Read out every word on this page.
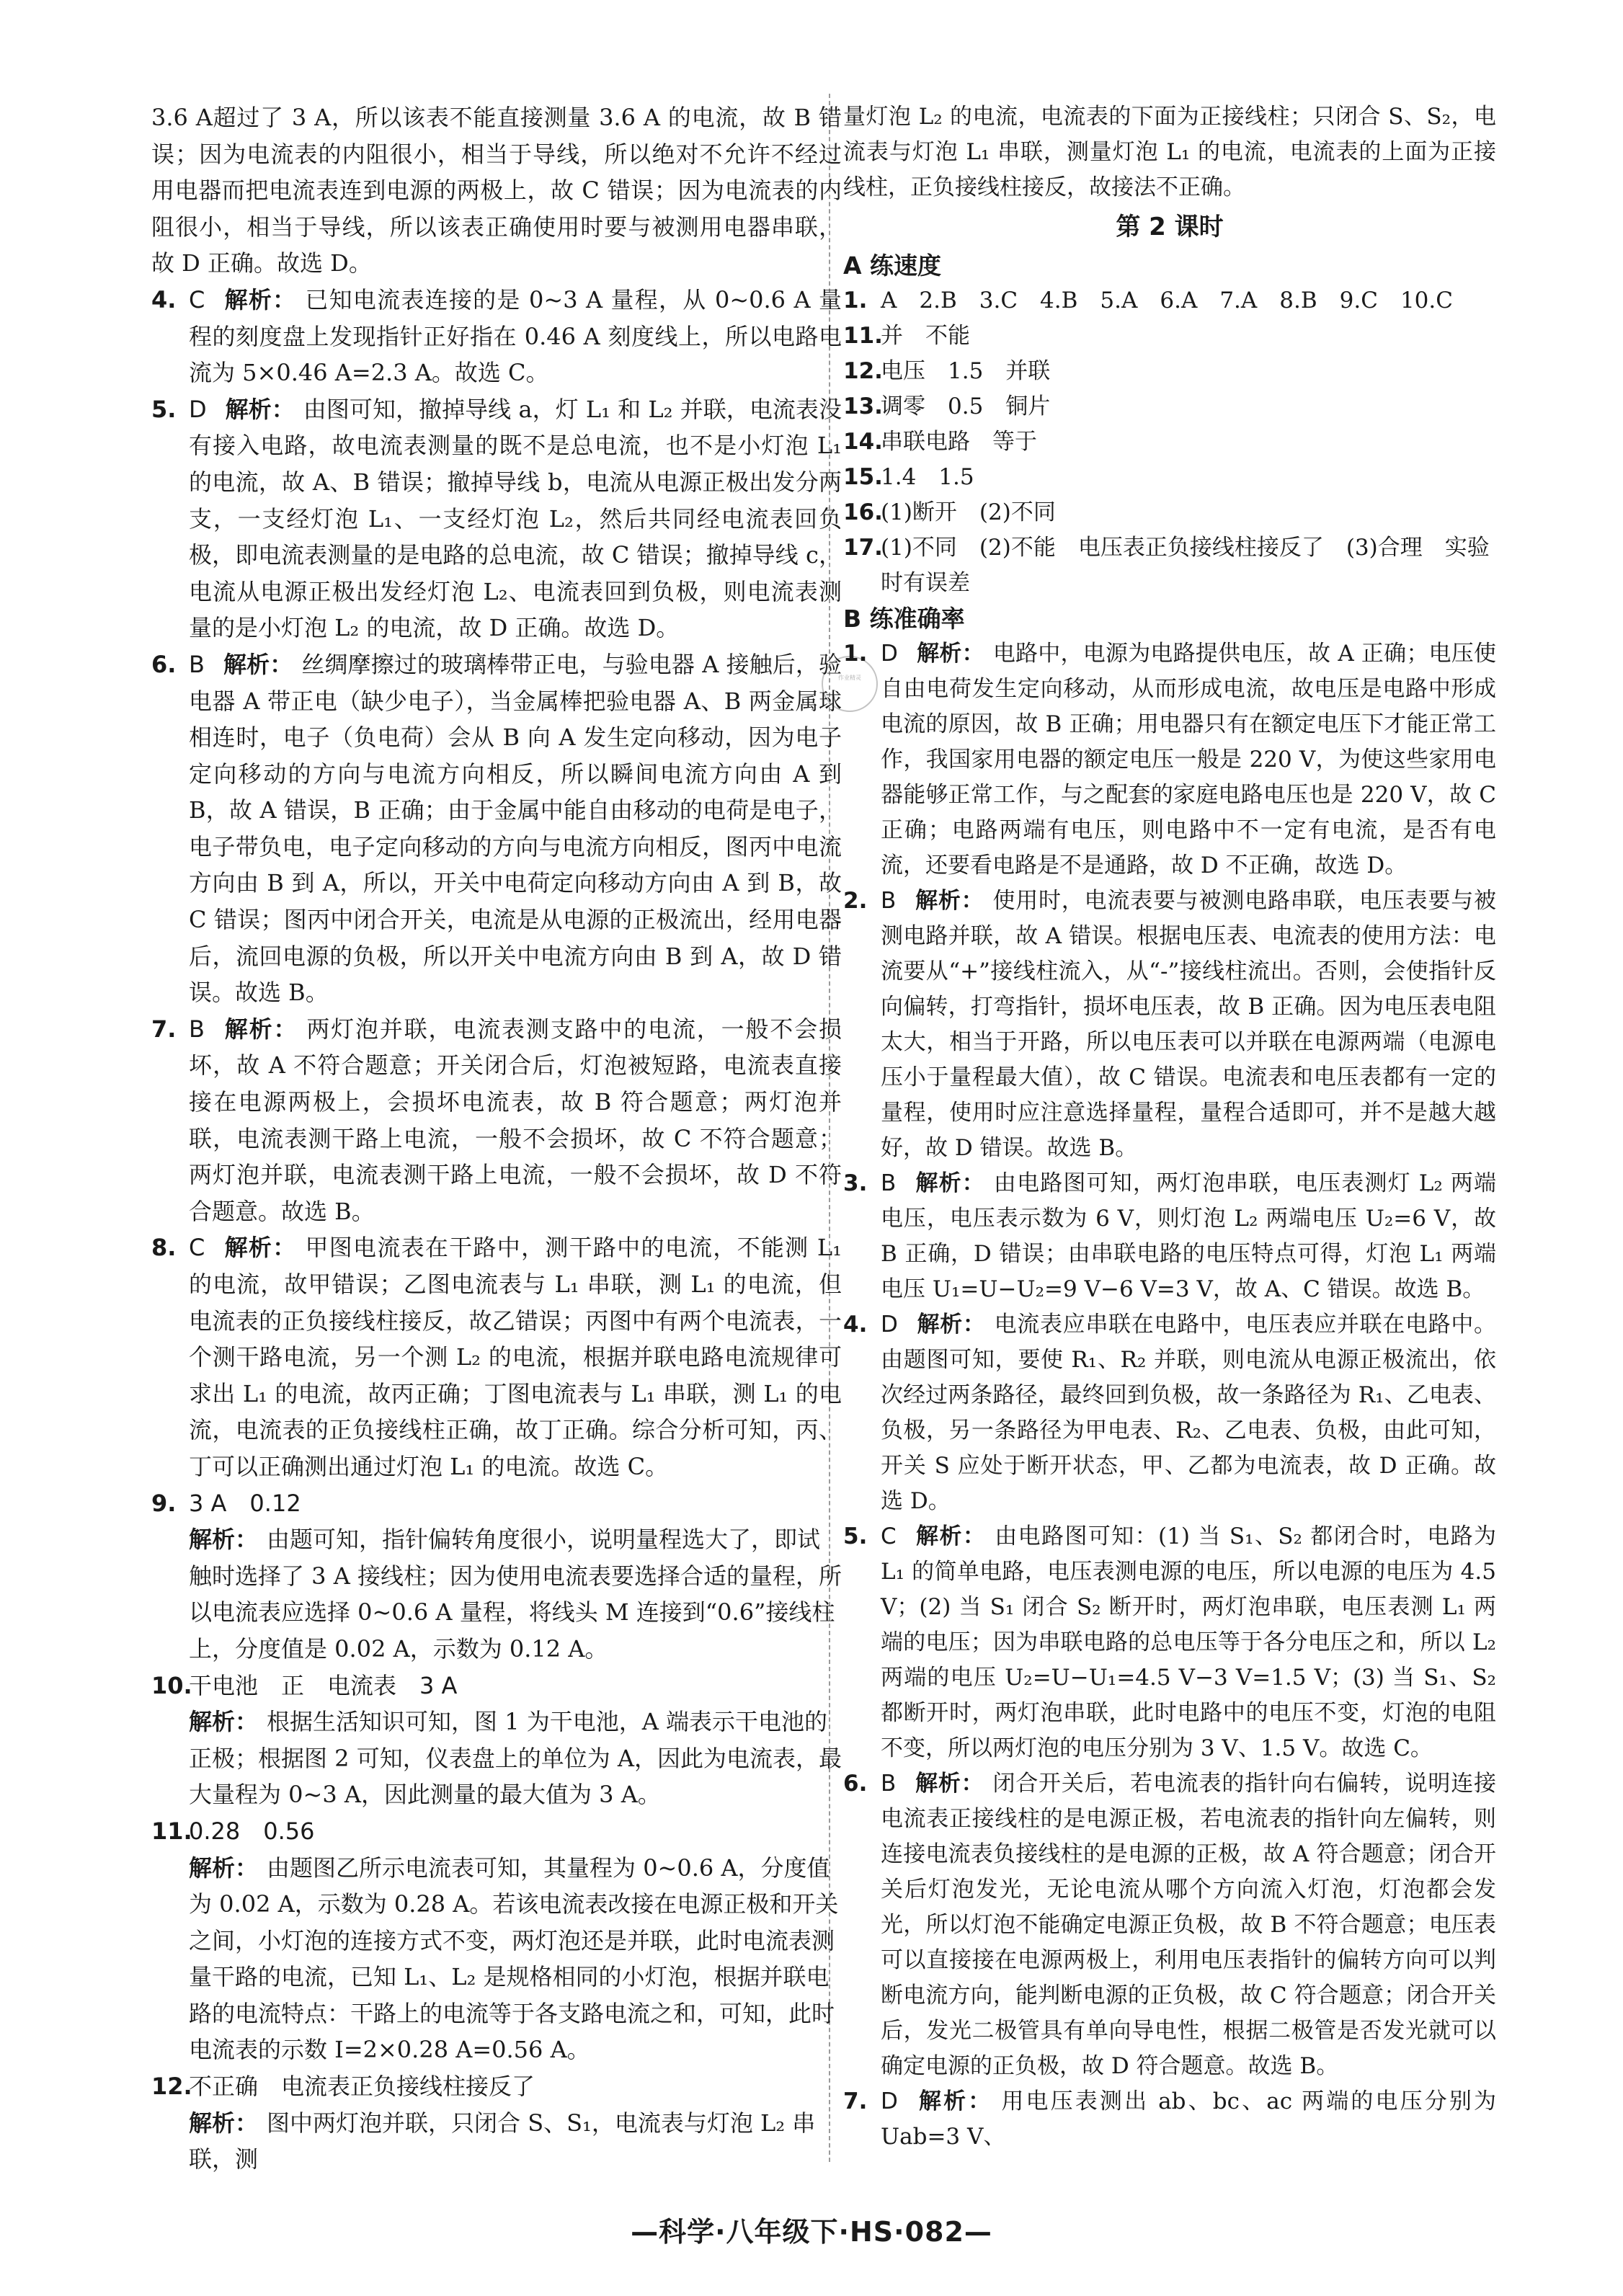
作业精灵
3.6 A超过了 3 A，所以该表不能直接测量 3.6 A 的电流，故 B 错误；因为电流表的内阻很小，相当于导线，所以绝对不允许不经过用电器而把电流表连到电源的两极上，故 C 错误；因为电流表的内阻很小，相当于导线，所以该表正确使用时要与被测用电器串联，故 D 正确。故选 D。
4. C 解析： 已知电流表连接的是 0~3 A 量程，从 0~0.6 A 量程的刻度盘上发现指针正好指在 0.46 A 刻度线上，所以电路电流为 5×0.46 A=2.3 A。故选 C。
5. D 解析： 由图可知，撤掉导线 a，灯 L₁ 和 L₂ 并联，电流表没有接入电路，故电流表测量的既不是总电流，也不是小灯泡 L₁ 的电流，故 A、B 错误；撤掉导线 b，电流从电源正极出发分两支，一支经灯泡 L₁、一支经灯泡 L₂，然后共同经电流表回负极，即电流表测量的是电路的总电流，故 C 错误；撤掉导线 c，电流从电源正极出发经灯泡 L₂、电流表回到负极，则电流表测量的是小灯泡 L₂ 的电流，故 D 正确。故选 D。
6. B 解析： 丝绸摩擦过的玻璃棒带正电，与验电器 A 接触后，验电器 A 带正电（缺少电子），当金属棒把验电器 A、B 两金属球相连时，电子（负电荷）会从 B 向 A 发生定向移动，因为电子定向移动的方向与电流方向相反，所以瞬间电流方向由 A 到 B，故 A 错误，B 正确；由于金属中能自由移动的电荷是电子，电子带负电，电子定向移动的方向与电流方向相反，图丙中电流方向由 B 到 A，所以，开关中电荷定向移动方向由 A 到 B，故 C 错误；图丙中闭合开关，电流是从电源的正极流出，经用电器后，流回电源的负极，所以开关中电流方向由 B 到 A，故 D 错误。故选 B。
7. B 解析： 两灯泡并联，电流表测支路中的电流，一般不会损坏，故 A 不符合题意；开关闭合后，灯泡被短路，电流表直接接在电源两极上，会损坏电流表，故 B 符合题意；两灯泡并联，电流表测干路上电流，一般不会损坏，故 C 不符合题意；两灯泡并联，电流表测干路上电流，一般不会损坏，故 D 不符合题意。故选 B。
8. C 解析： 甲图电流表在干路中，测干路中的电流，不能测 L₁ 的电流，故甲错误；乙图电流表与 L₁ 串联，测 L₁ 的电流，但电流表的正负接线柱接反，故乙错误；丙图中有两个电流表，一个测干路电流，另一个测 L₂ 的电流，根据并联电路电流规律可求出 L₁ 的电流，故丙正确；丁图电流表与 L₁ 串联，测 L₁ 的电流，电流表的正负接线柱正确，故丁正确。综合分析可知，丙、丁可以正确测出通过灯泡 L₁ 的电流。故选 C。
9. 3 A　0.12
解析： 由题可知，指针偏转角度很小，说明量程选大了，即试触时选择了 3 A 接线柱；因为使用电流表要选择合适的量程，所以电流表应选择 0~0.6 A 量程，将线头 M 连接到“0.6”接线柱上，分度值是 0.02 A，示数为 0.12 A。
10.
干电池　正　电流表　3 A
解析： 根据生活知识可知，图 1 为干电池，A 端表示干电池的正极；根据图 2 可知，仪表盘上的单位为 A，因此为电流表，最大量程为 0~3 A，因此测量的最大值为 3 A。
11.
0.28　0.56
解析： 由题图乙所示电流表可知，其量程为 0~0.6 A，分度值为 0.02 A，示数为 0.28 A。若该电流表改接在电源正极和开关之间，小灯泡的连接方式不变，两灯泡还是并联，此时电流表测量干路的电流，已知 L₁、L₂ 是规格相同的小灯泡，根据并联电路的电流特点：干路上的电流等于各支路电流之和，可知，此时电流表的示数 I=2×0.28 A=0.56 A。
12.
不正确　电流表正负接线柱接反了
解析： 图中两灯泡并联，只闭合 S、S₁，电流表与灯泡 L₂ 串联，测
量灯泡 L₂ 的电流，电流表的下面为正接线柱；只闭合 S、S₂，电流表与灯泡 L₁ 串联，测量灯泡 L₁ 的电流，电流表的上面为正接线柱，正负接线柱接反，故接法不正确。
第 2 课时
A 练速度
1. A　2.B　3.C　4.B　5.A　6.A　7.A　8.B　9.C　10.C
11.
并　不能
12.
电压　1.5　并联
13.
调零　0.5　铜片
14.
串联电路　等于
15.
1.4　1.5
16.
(1)断开　(2)不同
17.
(1)不同　(2)不能　电压表正负接线柱接反了　(3)合理　实验时有误差
B 练准确率
1. D 解析： 电路中，电源为电路提供电压，故 A 正确；电压使自由电荷发生定向移动，从而形成电流，故电压是电路中形成电流的原因，故 B 正确；用电器只有在额定电压下才能正常工作，我国家用电器的额定电压一般是 220 V，为使这些家用电器能够正常工作，与之配套的家庭电路电压也是 220 V，故 C 正确；电路两端有电压，则电路中不一定有电流，是否有电流，还要看电路是不是通路，故 D 不正确，故选 D。
2. B 解析： 使用时，电流表要与被测电路串联，电压表要与被测电路并联，故 A 错误。根据电压表、电流表的使用方法：电流要从“+”接线柱流入，从“-”接线柱流出。否则，会使指针反向偏转，打弯指针，损坏电压表，故 B 正确。因为电压表电阻太大，相当于开路，所以电压表可以并联在电源两端（电源电压小于量程最大值），故 C 错误。电流表和电压表都有一定的量程，使用时应注意选择量程，量程合适即可，并不是越大越好，故 D 错误。故选 B。
3. B 解析： 由电路图可知，两灯泡串联，电压表测灯 L₂ 两端电压，电压表示数为 6 V，则灯泡 L₂ 两端电压 U₂=6 V，故 B 正确，D 错误；由串联电路的电压特点可得，灯泡 L₁ 两端电压 U₁=U−U₂=9 V−6 V=3 V，故 A、C 错误。故选 B。
4. D 解析： 电流表应串联在电路中，电压表应并联在电路中。由题图可知，要使 R₁、R₂ 并联，则电流从电源正极流出，依次经过两条路径，最终回到负极，故一条路径为 R₁、乙电表、负极，另一条路径为甲电表、R₂、乙电表、负极，由此可知，开关 S 应处于断开状态，甲、乙都为电流表，故 D 正确。故选 D。
5. C 解析： 由电路图可知：(1) 当 S₁、S₂ 都闭合时，电路为 L₁ 的简单电路，电压表测电源的电压，所以电源的电压为 4.5 V；(2) 当 S₁ 闭合 S₂ 断开时，两灯泡串联，电压表测 L₁ 两端的电压；因为串联电路的总电压等于各分电压之和，所以 L₂ 两端的电压 U₂=U−U₁=4.5 V−3 V=1.5 V；(3) 当 S₁、S₂ 都断开时，两灯泡串联，此时电路中的电压不变，灯泡的电阻不变，所以两灯泡的电压分别为 3 V、1.5 V。故选 C。
6. B 解析： 闭合开关后，若电流表的指针向右偏转，说明连接电流表正接线柱的是电源正极，若电流表的指针向左偏转，则连接电流表负接线柱的是电源的正极，故 A 符合题意；闭合开关后灯泡发光，无论电流从哪个方向流入灯泡，灯泡都会发光，所以灯泡不能确定电源正负极，故 B 不符合题意；电压表可以直接接在电源两极上，利用电压表指针的偏转方向可以判断电流方向，能判断电源的正负极，故 C 符合题意；闭合开关后，发光二极管具有单向导电性，根据二极管是否发光就可以确定电源的正负极，故 D 符合题意。故选 B。
7. D 解析： 用电压表测出 ab、bc、ac 两端的电压分别为 Uab=3 V、
—科学·八年级下·HS·082—
